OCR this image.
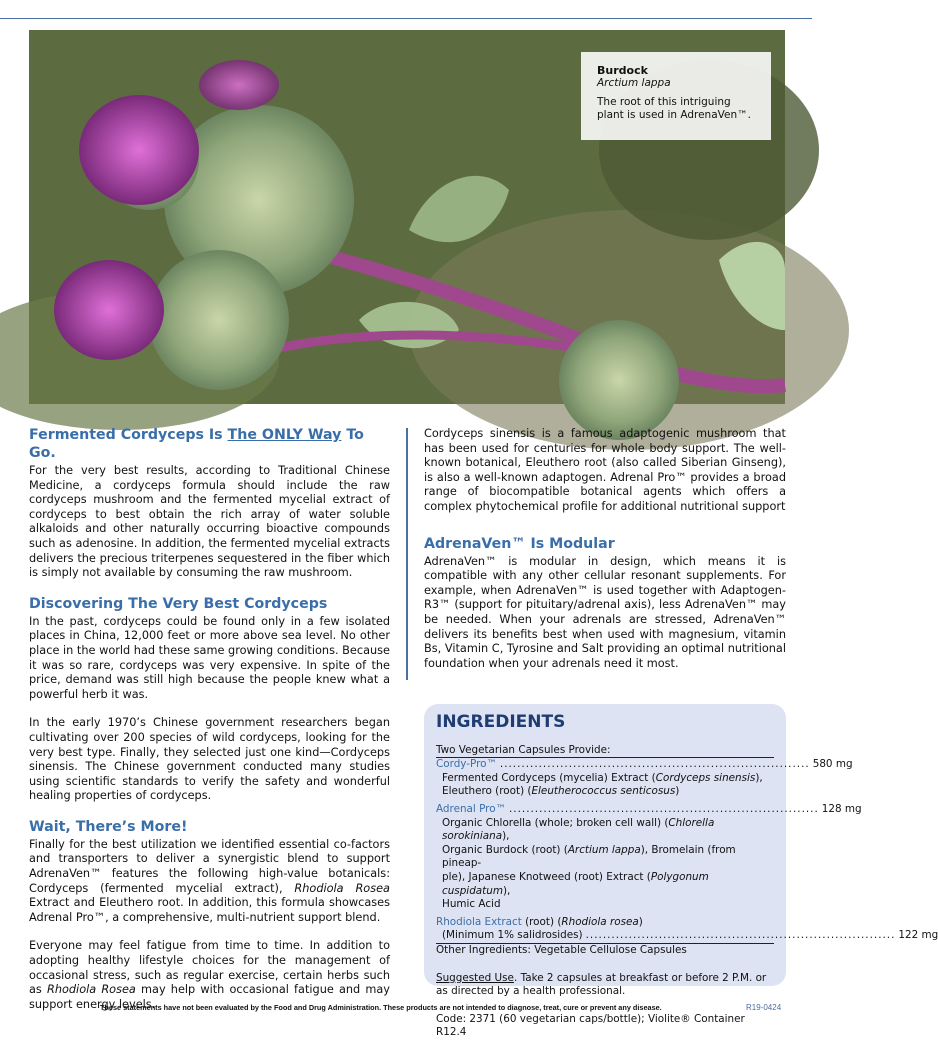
Burdock
Arctium lappa
The root of this intriguing plant is used in AdrenaVen™.
Fermented Cordyceps Is The ONLY Way To Go.

For the very best results, according to Traditional Chinese Medicine, a cordyceps formula should include the raw cordyceps mushroom and the fermented mycelial extract of cordyceps to best obtain the rich array of water soluble alkaloids and other naturally occurring bioactive compounds such as adenosine. In addition, the fermented mycelial extracts delivers the precious triterpenes sequestered in the fiber which is simply not available by consuming the raw mushroom.

Discovering The Very Best Cordyceps

In the past, cordyceps could be found only in a few isolated places in China, 12,000 feet or more above sea level. No other place in the world had these same growing conditions. Because it was so rare, cordyceps was very expensive. In spite of the price, demand was still high because the people knew what a powerful herb it was.

In the early 1970’s Chinese government researchers began cultivating over 200 species of wild cordyceps, looking for the very best type. Finally, they selected just one kind—Cordyceps sinensis. The Chinese government conducted many studies using scientific standards to verify the safety and wonderful healing properties of cordyceps.

Wait, There’s More!

Finally for the best utilization we identified essential co-factors and transporters to deliver a synergistic blend to support AdrenaVen™ features the following high-value botanicals: Cordyceps (fermented mycelial extract), Rhodiola Rosea Extract and Eleuthero root. In addition, this formula showcases Adrenal Pro™, a comprehensive, multi-nutrient support blend.

Everyone may feel fatigue from time to time. In addition to adopting healthy lifestyle choices for the management of occasional stress, such as regular exercise, certain herbs such as Rhodiola Rosea may help with occasional fatigue and may support energy levels.

Cordyceps sinensis is a famous adaptogenic mushroom that has been used for centuries for whole body support. The well-known botanical, Eleuthero root (also called Siberian Ginseng), is also a well-known adaptogen. Adrenal Pro™ provides a broad range of biocompatible botanical agents which offers a complex phytochemical profile for additional nutritional support

AdrenaVen™ Is Modular

AdrenaVen™ is modular in design, which means it is compatible with any other cellular resonant supplements. For example, when AdrenaVen™ is used together with Adaptogen-R3™ (support for pituitary/adrenal axis), less AdrenaVen™ may be needed. When your adrenals are stressed, AdrenaVen™ delivers its benefits best when used with magnesium, vitamin Bs, Vitamin C, Tyrosine and Salt providing an optimal nutritional foundation when your adrenals need it most.

INGREDIENTS
Two Vegetarian Capsules Provide:
Cordy-Pro™ ........................................................................ 580 mg
Fermented Cordyceps (mycelia) Extract (Cordyceps sinensis),
Eleuthero (root) (Eleutherococcus senticosus)
Adrenal Pro™ ........................................................................ 128 mg
Organic Chlorella (whole; broken cell wall) (Chlorella sorokiniana),
Organic Burdock (root) (Arctium lappa), Bromelain (from pineap-
ple), Japanese Knotweed (root) Extract (Polygonum cuspidatum),
Humic Acid
Rhodiola Extract (root) (Rhodiola rosea)
(Minimum 1% salidrosides) ........................................................................ 122 mg
Other Ingredients: Vegetable Cellulose Capsules
Suggested Use. Take 2 capsules at breakfast or before 2 P.M. or as directed by a health professional.
Code: 2371 (60 vegetarian caps/bottle); Violite® Container R12.4
These statements have not been evaluated by the Food and Drug Administration. These products are not intended to diagnose, treat, cure or prevent any disease.	R19-0424
